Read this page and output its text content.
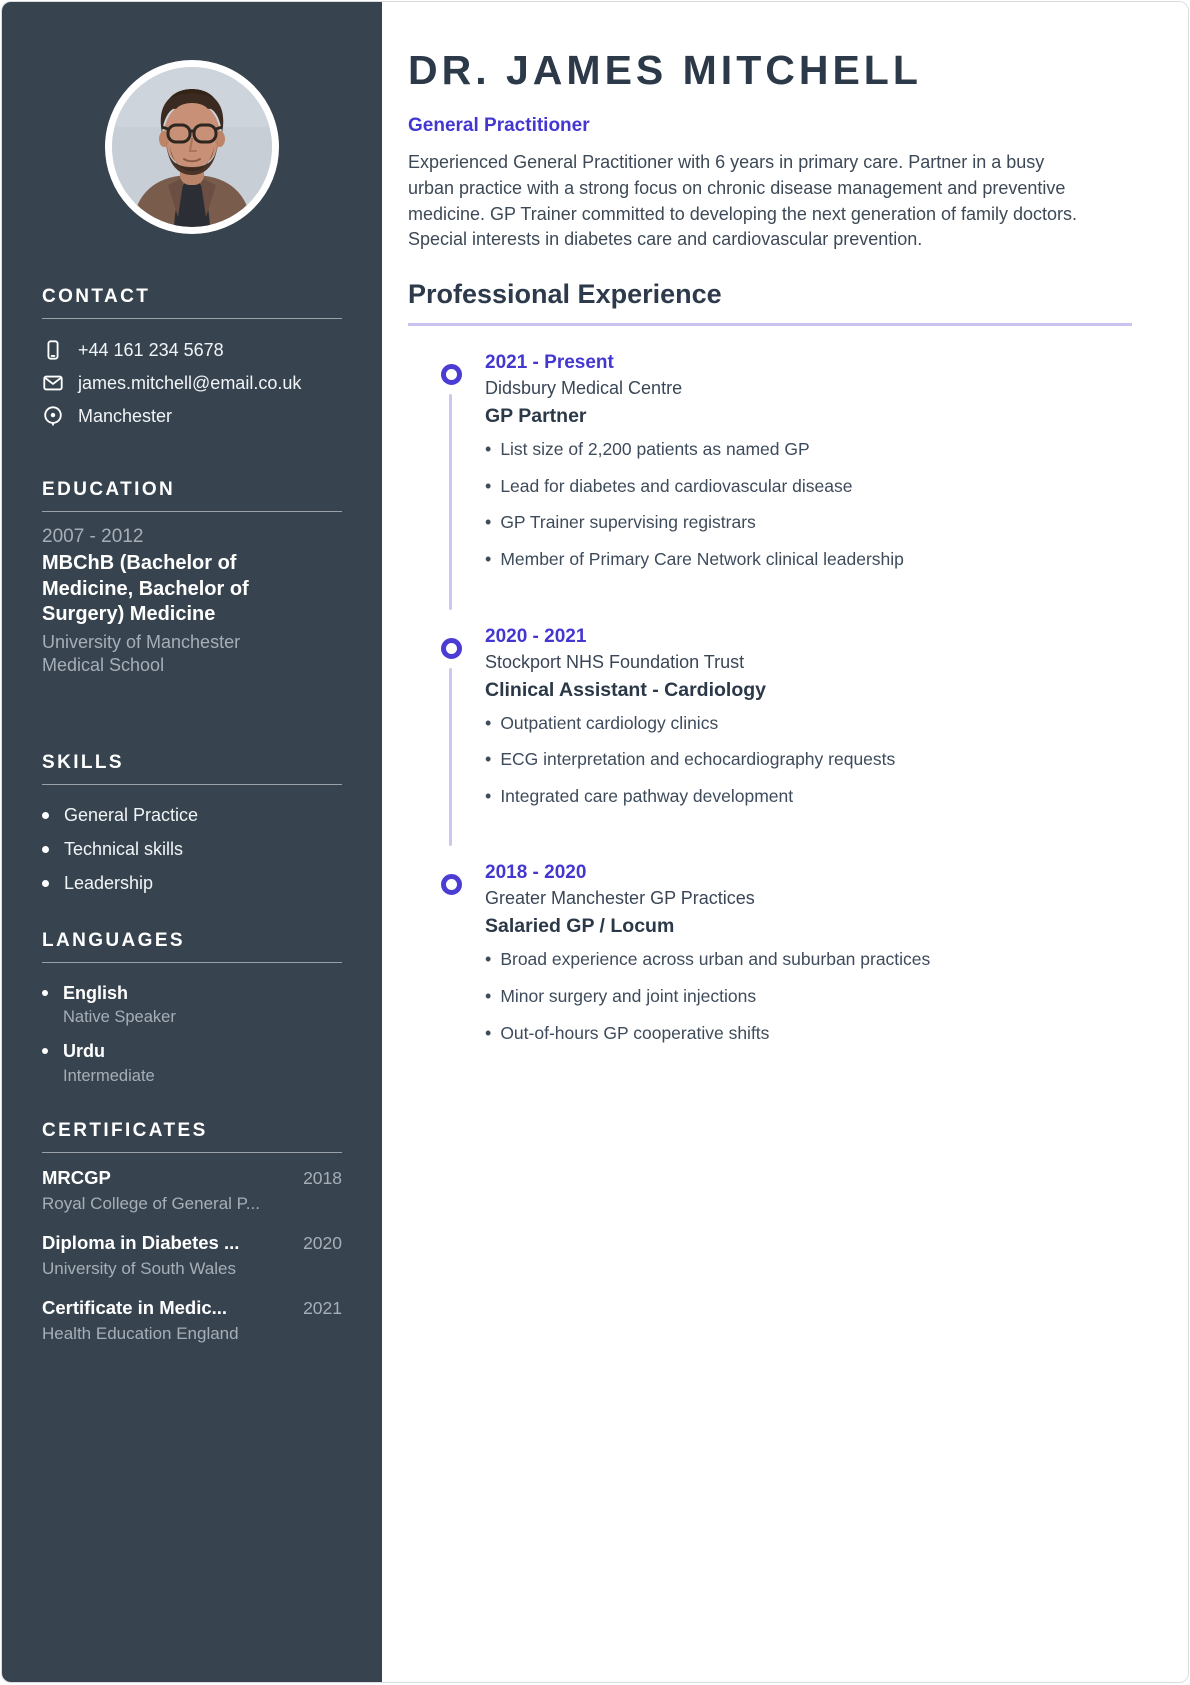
CONTACT
+44 161 234 5678
james.mitchell@email.co.uk
Manchester
EDUCATION

2007 - 2012

MBChB (Bachelor of Medicine, Bachelor of Surgery) Medicine

University of Manchester Medical School

SKILLS
General Practice
Technical skills
Leadership
LANGUAGES
English
Native Speaker
Urdu
Intermediate
CERTIFICATES
MRCGP	2018
Royal College of General P...
Diploma in Diabetes ...	2020
University of South Wales
Certificate in Medic...	2021
Health Education England
DR. JAMES MITCHELL
General Practitioner

Experienced General Practitioner with 6 years in primary care. Partner in a busy urban practice with a strong focus on chronic disease management and preventive medicine. GP Trainer committed to developing the next generation of family doctors. Special interests in diabetes care and cardiovascular prevention.

Professional Experience

2021 - Present

Didsbury Medical Centre

GP Partner

• List size of 2,200 patients as named GP
• Lead for diabetes and cardiovascular disease
• GP Trainer supervising registrars
• Member of Primary Care Network clinical leadership

2020 - 2021

Stockport NHS Foundation Trust

Clinical Assistant - Cardiology

• Outpatient cardiology clinics
• ECG interpretation and echocardiography requests
• Integrated care pathway development

2018 - 2020

Greater Manchester GP Practices

Salaried GP / Locum

• Broad experience across urban and suburban practices
• Minor surgery and joint injections
• Out-of-hours GP cooperative shifts
